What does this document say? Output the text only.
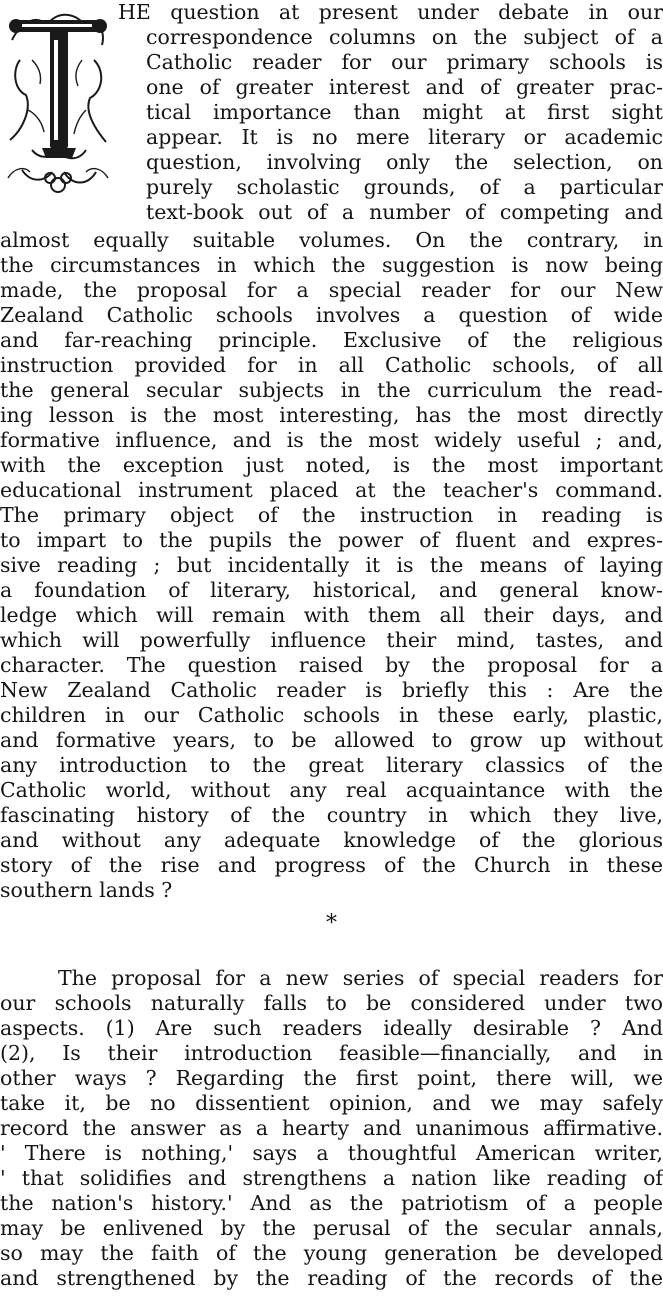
HE question at present under debate in our
correspondence columns on the subject of a
Catholic reader for our primary schools is
one of greater interest and of greater prac-
tical importance than might at first sight
appear. It is no mere literary or academic
question, involving only the selection, on
purely scholastic grounds, of a particular
text-book out of a number of competing and
almost equally suitable volumes. On the contrary, in
the circumstances in which the suggestion is now being
made, the proposal for a special reader for our New
Zealand Catholic schools involves a question of wide
and far-reaching principle. Exclusive of the religious
instruction provided for in all Catholic schools, of all
the general secular subjects in the curriculum the read-
ing lesson is the most interesting, has the most directly
formative influence, and is the most widely useful ; and,
with the exception just noted, is the most important
educational instrument placed at the teacher's command.
The primary object of the instruction in reading is
to impart to the pupils the power of fluent and expres-
sive reading ; but incidentally it is the means of laying
a foundation of literary, historical, and general know-
ledge which will remain with them all their days, and
which will powerfully influence their mind, tastes, and
character. The question raised by the proposal for a
New Zealand Catholic reader is briefly this : Are the
children in our Catholic schools in these early, plastic,
and formative years, to be allowed to grow up without
any introduction to the great literary classics of the
Catholic world, without any real acquaintance with the
fascinating history of the country in which they live,
and without any adequate knowledge of the glorious
story of the rise and progress of the Church in these
southern lands ?
*
The proposal for a new series of special readers for
our schools naturally falls to be considered under two
aspects. (1) Are such readers ideally desirable ? And
(2), Is their introduction feasible—financially, and in
other ways ? Regarding the first point, there will, we
take it, be no dissentient opinion, and we may safely
record the answer as a hearty and unanimous affirmative.
' There is nothing,' says a thoughtful American writer,
' that solidifies and strengthens a nation like reading of
the nation's history.' And as the patriotism of a people
may be enlivened by the perusal of the secular annals,
so may the faith of the young generation be developed
and strengthened by the reading of the records of the
